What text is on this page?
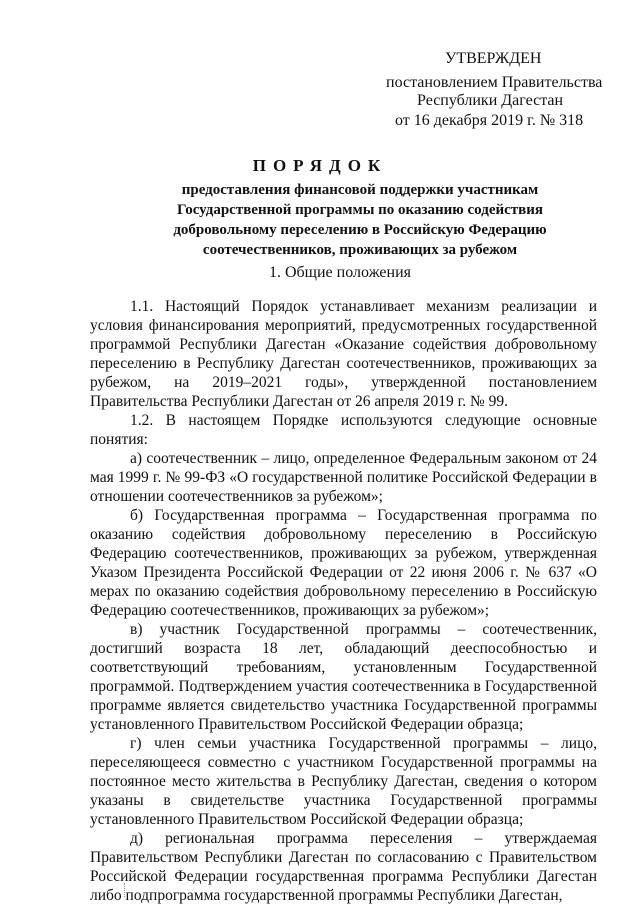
УТВЕРЖДЕН
постановлением Правительства
Республики Дагестан
от 16 декабря 2019 г. № 318
ПОРЯДОК
предоставления финансовой поддержки участникам Государственной программы по оказанию содействия добровольному переселению в Российскую Федерацию соотечественников, проживающих за рубежом
1. Общие положения

1.1. Настоящий Порядок устанавливает механизм реализации и условия финансирования мероприятий, предусмотренных государственной программой Республики Дагестан «Оказание содействия добровольному переселению в Республику Дагестан соотечественников, проживающих за рубежом, на 2019–2021 годы», утвержденной постановлением Правительства Республики Дагестан от 26 апреля 2019 г. № 99.

1.2. В настоящем Порядке используются следующие основные понятия:

а) соотечественник – лицо, определенное Федеральным законом от 24 мая 1999 г. № 99-ФЗ «О государственной политике Российской Федерации в отношении соотечественников за рубежом»;

б) Государственная программа – Государственная программа по оказанию содействия добровольному переселению в Российскую Федерацию соотечественников, проживающих за рубежом, утвержденная Указом Президента Российской Федерации от 22 июня 2006 г. № 637 «О мерах по оказанию содействия добровольному переселению в Российскую Федерацию соотечественников, проживающих за рубежом»;

в) участник Государственной программы – соотечественник, достигший возраста 18 лет, обладающий дееспособностью и соответствующий требованиям, установленным Государственной программой. Подтверждением участия соотечественника в Государственной программе является свидетельство участника Государственной программы установленного Правительством Российской Федерации образца;

г) член семьи участника Государственной программы – лицо, переселяющееся совместно с участником Государственной программы на постоянное место жительства в Республику Дагестан, сведения о котором указаны в свидетельстве участника Государственной программы установленного Правительством Российской Федерации образца;

д) региональная программа переселения – утверждаемая Правительством Республики Дагестан по согласованию с Правительством Российской Федерации государственная программа Республики Дагестан либо подпрограмма государственной программы Республики Дагестан,
